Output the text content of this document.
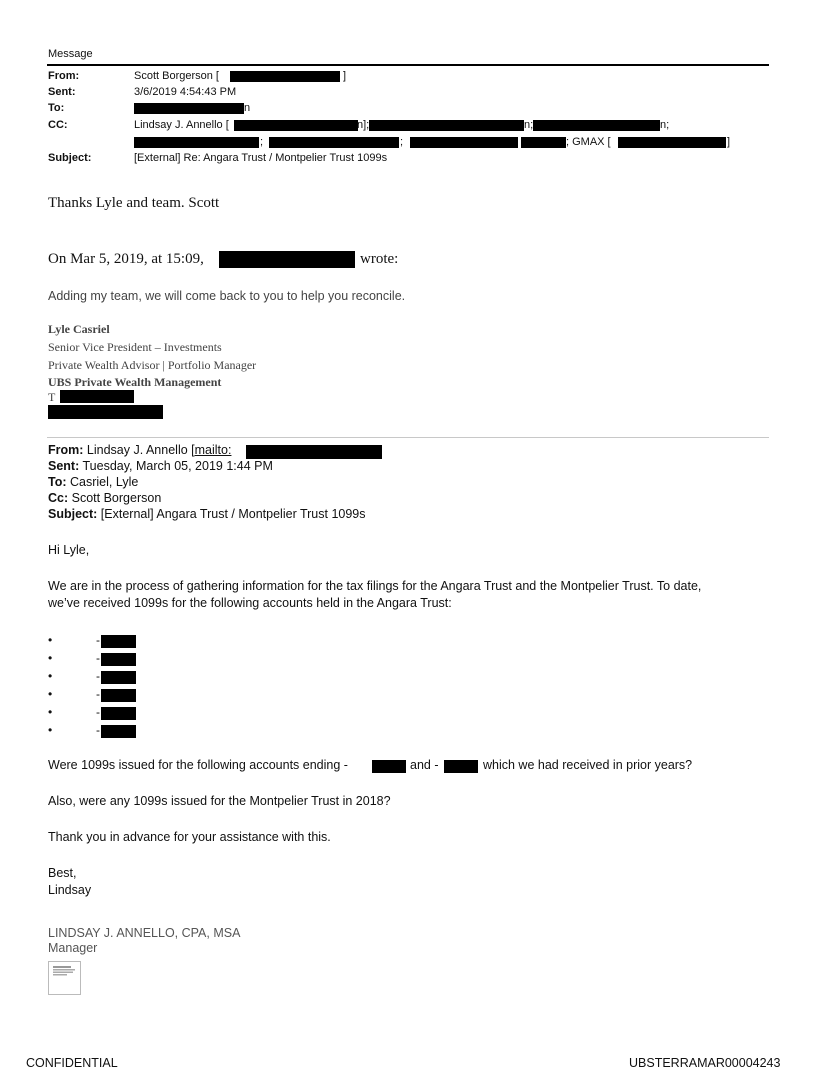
Message
From:	Scott Borgerson [	]
Sent:	3/6/2019 4:54:43 PM
To:	n
CC:	Lindsay J. Annello [	n];	n;	n;
;	;	; GMAX [	]
Subject:	[External] Re: Angara Trust / Montpelier Trust 1099s
Thanks Lyle and team. Scott
On Mar 5, 2019, at 15:09,	wrote:
Adding my team, we will come back to you to help you reconcile.
Lyle Casriel
Senior Vice President – Investments
Private Wealth Advisor | Portfolio Manager
UBS Private Wealth Management
T
From: Lindsay J. Annello [mailto:
Sent: Tuesday, March 05, 2019 1:44 PM
To: Casriel, Lyle
Cc: Scott Borgerson
Subject: [External] Angara Trust / Montpelier Trust 1099s
Hi Lyle,
We are in the process of gathering information for the tax filings for the Angara Trust and the Montpelier Trust. To date,
we’ve received 1099s for the following accounts held in the Angara Trust:
•	-
•	-
•	-
•	-
•	-
•	-
Were 1099s issued for the following accounts ending -	and -	which we had received in prior years?
Also, were any 1099s issued for the Montpelier Trust in 2018?
Thank you in advance for your assistance with this.
Best,
Lindsay
LINDSAY J. ANNELLO, CPA, MSA
Manager
CONFIDENTIAL	UBSTERRAMAR00004243
